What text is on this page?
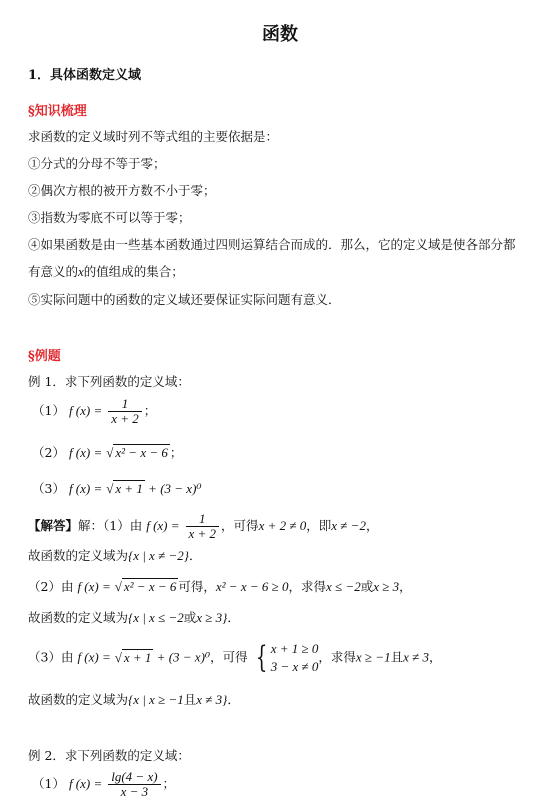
函数
1．具体函数定义域
§知识梳理
求函数的定义域时列不等式组的主要依据是：
①分式的分母不等于零；
②偶次方根的被开方数不小于零；
③指数为零底不可以等于零；
④如果函数是由一些基本函数通过四则运算结合而成的．那么，它的定义域是使各部分都
有意义的x的值组成的集合；
⑤实际问题中的函数的定义域还要保证实际问题有意义．
§例题
例 1．求下列函数的定义域：
（1） f $(x) = \frac{1}{x + 2}$ ；
（2） f (x) = √ x² − x − 6 ；
（3） f (x) = √ x + 1 + (3 − x)⁰
【解答】解：（1）由 f $(x) = \frac{1}{x + 2}$ ，可得x + 2 ≠ 0，即x ≠ −2，
故函数的定义域为{x | x ≠ −2}．
（2）由 f (x) = √ x² − x − 6 可得，x² − x − 6 ≥ 0，求得x ≤ −2或x ≥ 3，
故函数的定义域为{x | x ≤ −2或x ≥ 3}．
（3）由 f (x) = √ x + 1 + (3 − x)⁰，可得 { x + 1 ≥ 0
3 − x ≠ 0
，求得x ≥ −1且x ≠ 3，
故函数的定义域为{x | x ≥ −1且x ≠ 3}．
例 2．求下列函数的定义域：
（1） f $(x) = \frac{\lg(4 - x)}{x - 3}$ ；
